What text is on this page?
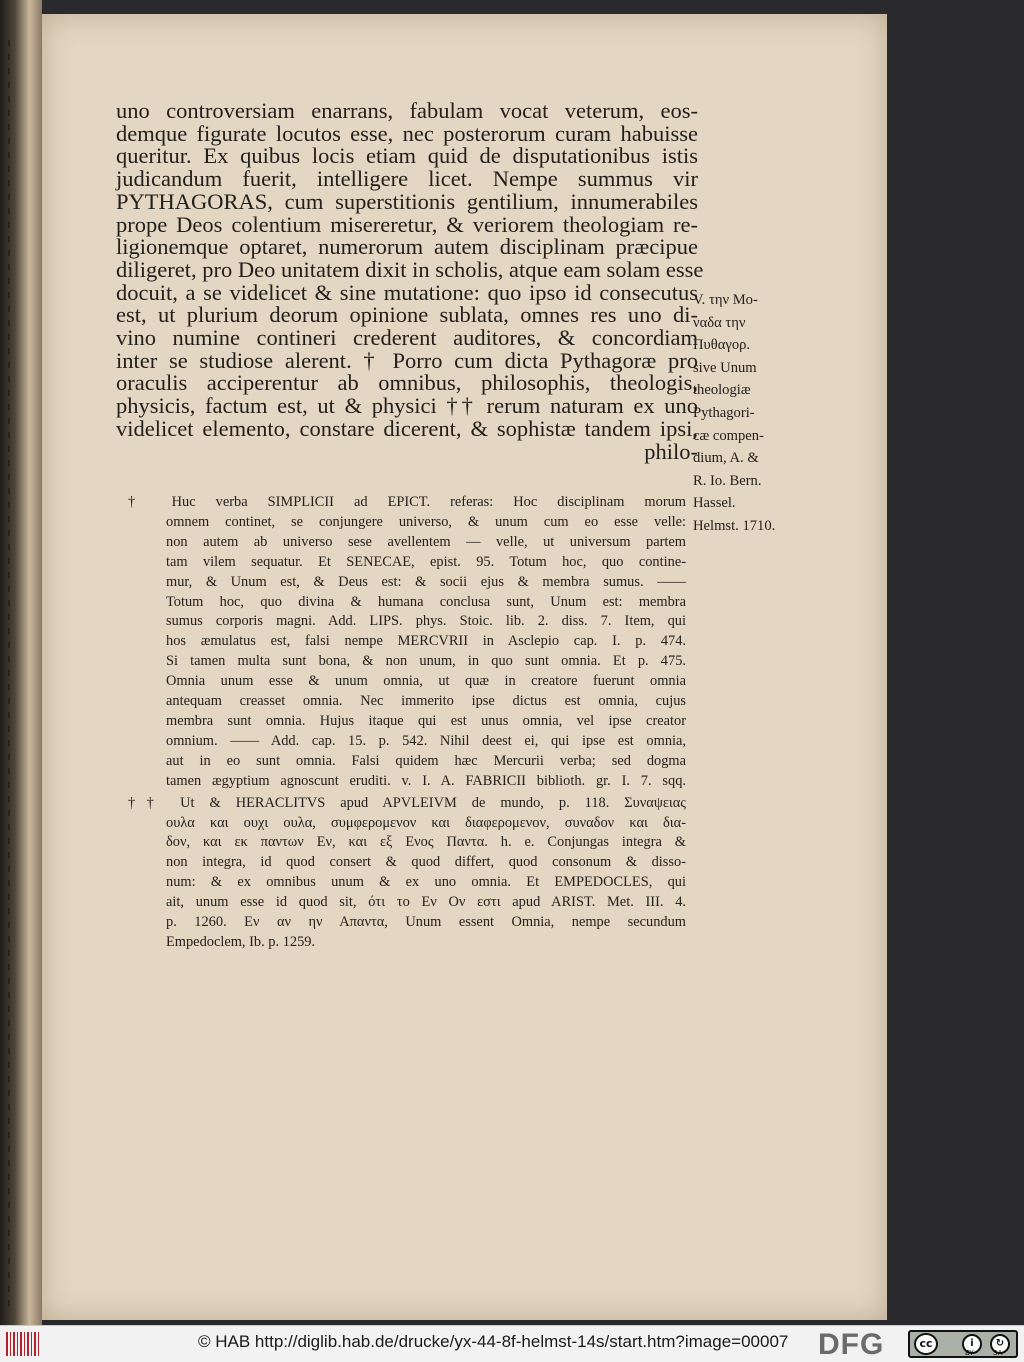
uno controversiam enarrans, fabulam vocat veterum, eos-
demque figurate locutos esse, nec posterorum curam habuisse
queritur. Ex quibus locis etiam quid de disputationibus istis
judicandum fuerit, intelligere licet. Nempe summus vir
PYTHAGORAS, cum superstitionis gentilium, innumerabiles
prope Deos colentium misereretur, & veriorem theologiam re-
ligionemque optaret, numerorum autem disciplinam præcipue
diligeret, pro Deo unitatem dixit in scholis, atque eam solam esse
docuit, a se videlicet & sine mutatione: quo ipso id consecutus
est, ut plurium deorum opinione sublata, omnes res uno di-
vino numine contineri crederent auditores, & concordiam
inter se studiose alerent. † Porro cum dicta Pythagoræ pro
oraculis acciperentur ab omnibus, philosophis, theologis,
physicis, factum est, ut & physici †† rerum naturam ex uno
videlicet elemento, constare dicerent, & sophistæ tandem ipsi,
philo-
V. την Μο-
ναδα την
Πυθαγορ.
sive Unum
theologiæ
Pythagori-
cæ compen-
dium, A. &
R. Io. Bern.
Hassel.
Helmst. 1710.
† Huc verba SIMPLICII ad EPICT. referas: Hoc disciplinam morum
omnem continet, se conjungere universo, & unum cum eo esse velle:
non autem ab universo sese avellentem — velle, ut universum partem
tam vilem sequatur. Et SENECAE, epist. 95. Totum hoc, quo contine-
mur, & Unum est, & Deus est: & socii ejus & membra sumus. ——
Totum hoc, quo divina & humana conclusa sunt, Unum est: membra
sumus corporis magni. Add. LIPS. phys. Stoic. lib. 2. diss. 7. Item, qui
hos æmulatus est, falsi nempe MERCVRII in Asclepio cap. I. p. 474.
Si tamen multa sunt bona, & non unum, in quo sunt omnia. Et p. 475.
Omnia unum esse & unum omnia, ut quæ in creatore fuerunt omnia
antequam creasset omnia. Nec immerito ipse dictus est omnia, cujus
membra sunt omnia. Hujus itaque qui est unus omnia, vel ipse creator
omnium. —— Add. cap. 15. p. 542. Nihil deest ei, qui ipse est omnia,
aut in eo sunt omnia. Falsi quidem hæc Mercurii verba; sed dogma
tamen ægyptium agnoscunt eruditi. v. I. A. FABRICII biblioth. gr. I. 7. sqq.
†† Ut & HERACLITVS apud APVLEIVM de mundo, p. 118. Συναψειας
ουλα και ουχι ουλα, συμφερομενον και διαφερομενον, συναδον και δια-
δον, και εκ παντων Εν, και εξ Ενος Παντα. h. e. Conjungas integra &
non integra, id quod consert & quod differt, quod consonum & disso-
num: & ex omnibus unum & ex uno omnia. Et EMPEDOCLES, qui
ait, unum esse id quod sit, ότι το Εν Ον εστι apud ARIST. Met. III. 4.
p. 1260. Εν αν ην Απαντα, Unum essent Omnia, nempe secundum
Empedoclem, Ib. p. 1259.
© HAB http://diglib.hab.de/drucke/yx-44-8f-helmst-14s/start.htm?image=00007 DFG	cc	i	↻
BY	SA
